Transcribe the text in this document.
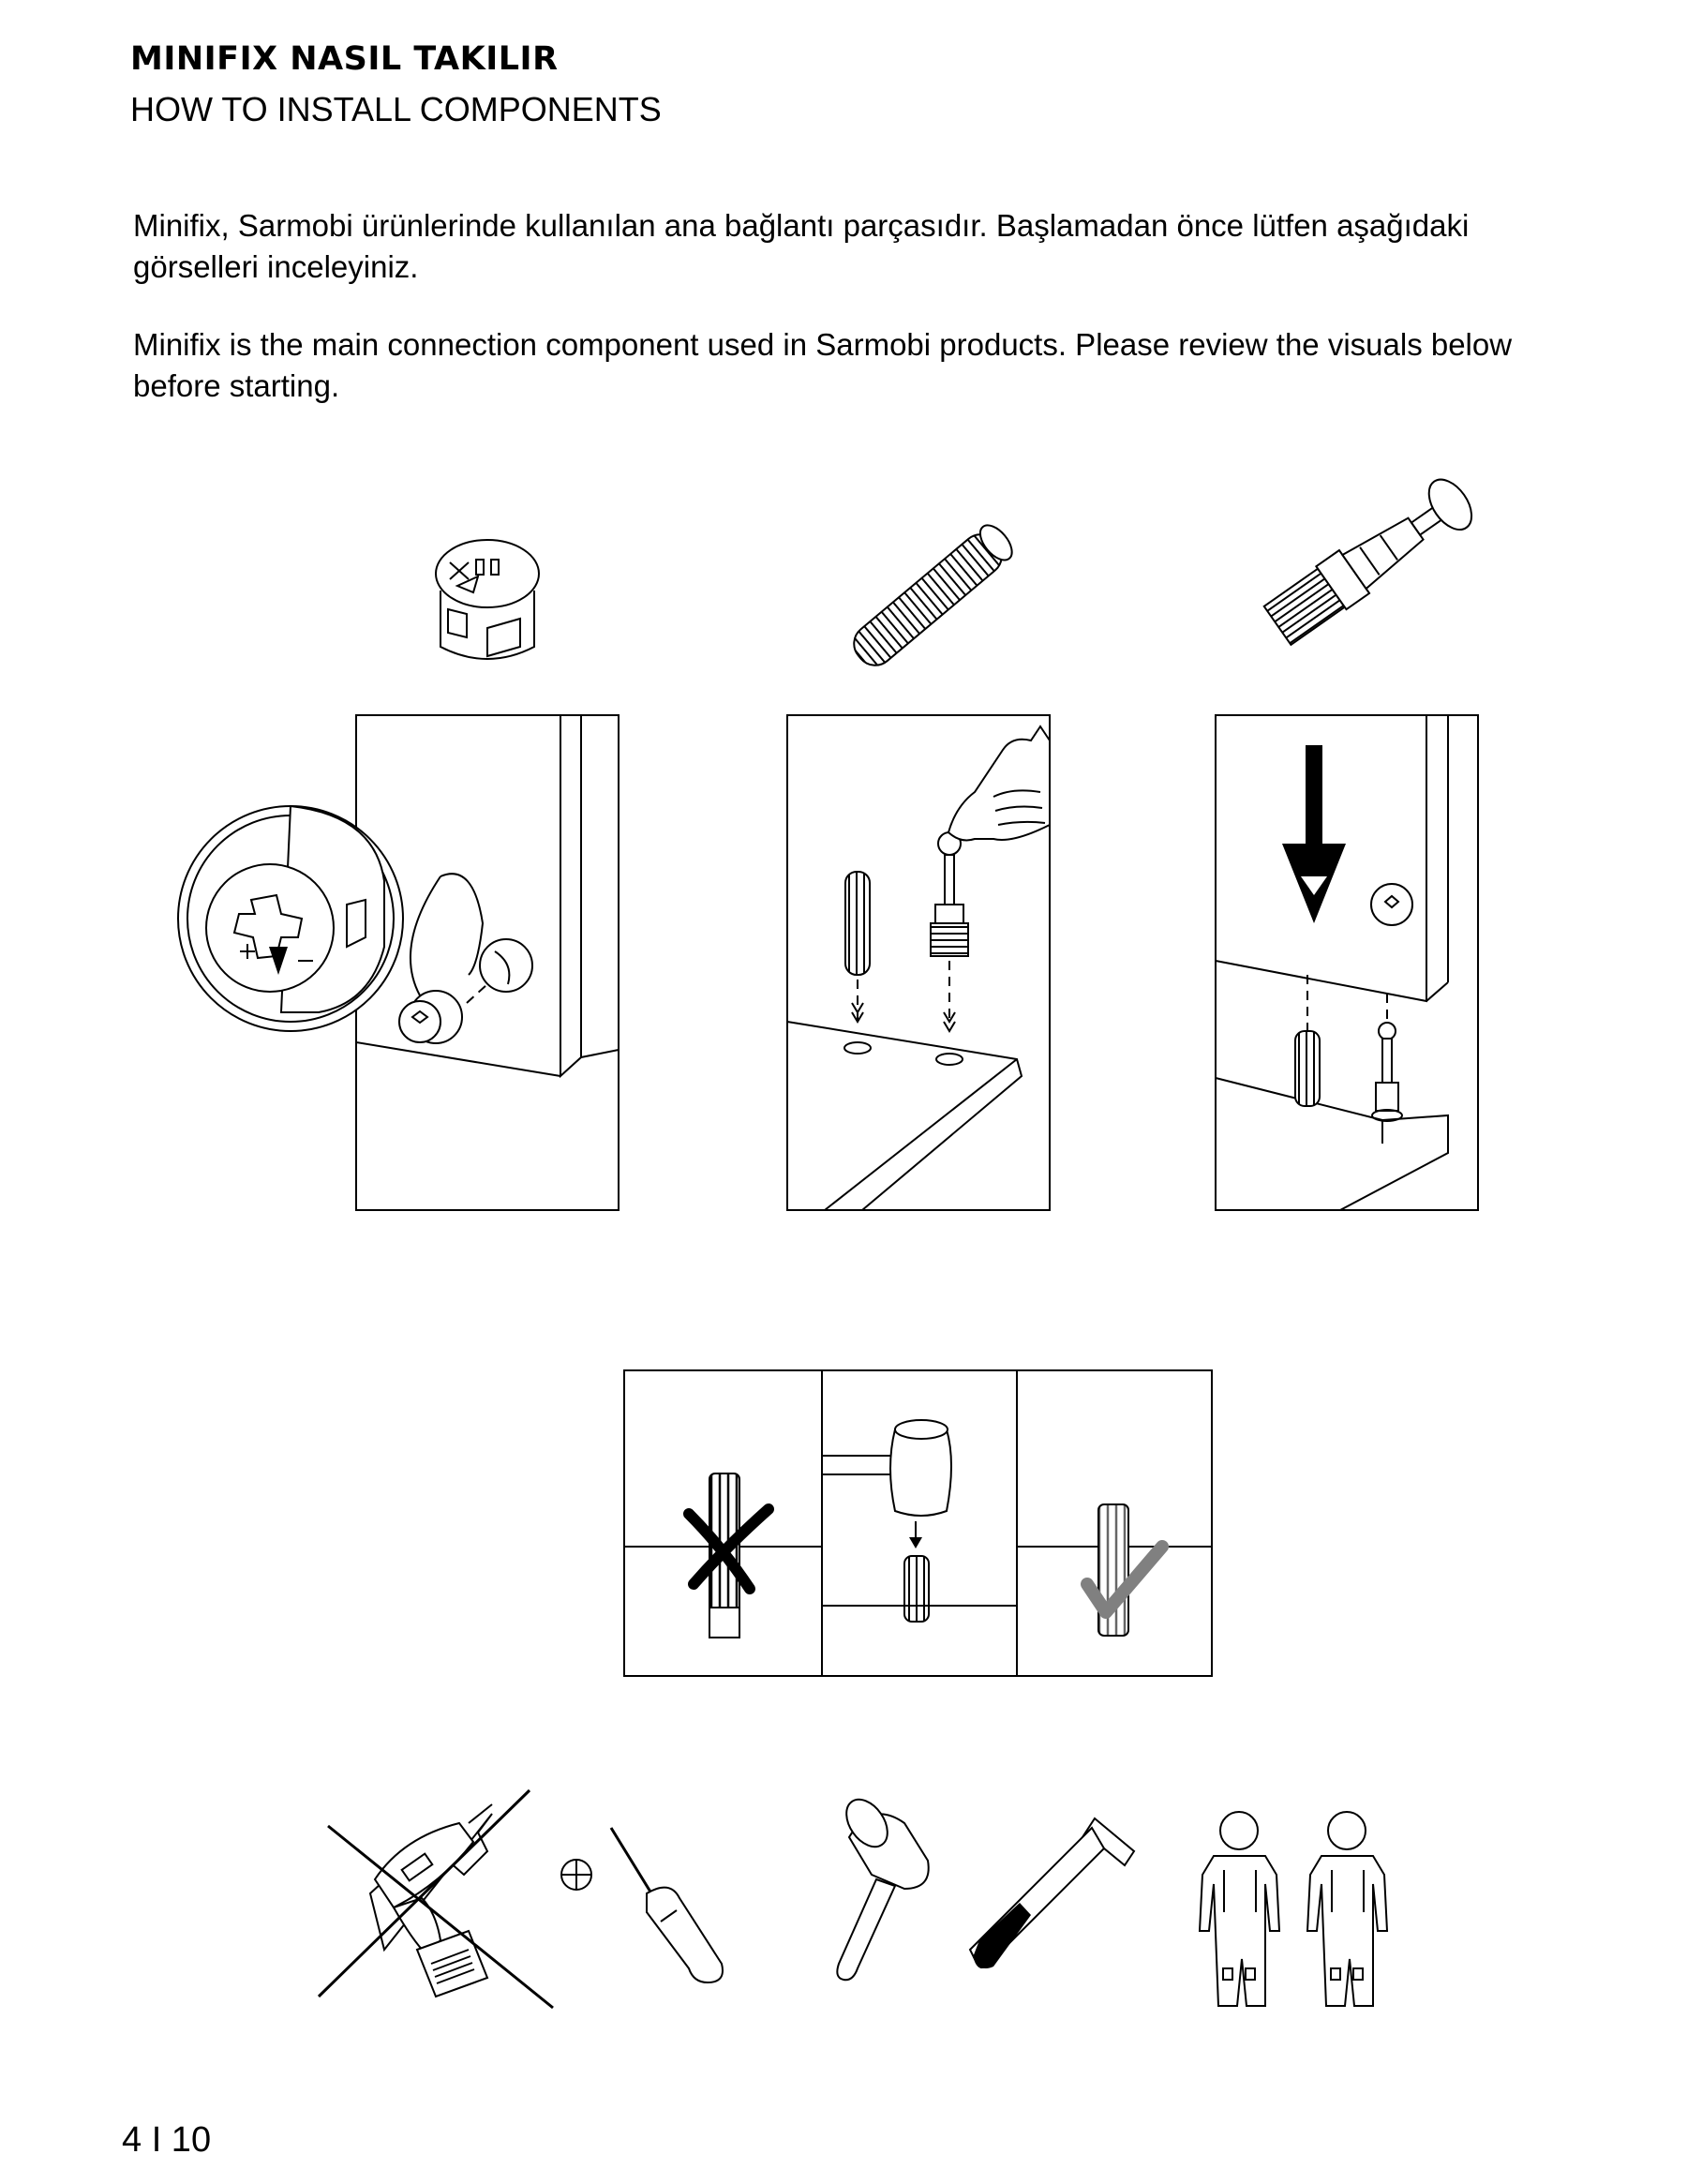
MINIFIX NASIL TAKILIR
HOW TO INSTALL COMPONENTS
Minifix, Sarmobi ürünlerinde kullanılan ana bağlantı parçasıdır. Başlamadan önce lütfen aşağıdaki görselleri inceleyiniz.
Minifix is the main connection component used in Sarmobi products. Please review the visuals below before starting.
4 I 10
